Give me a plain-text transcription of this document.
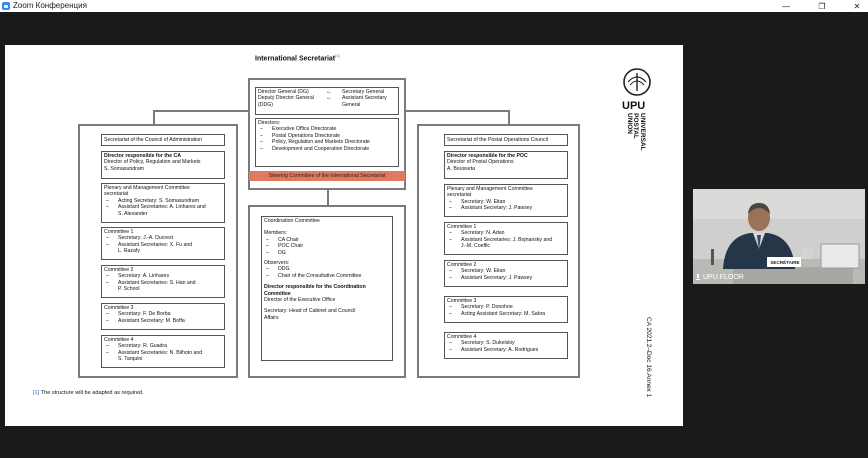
Zoom Конференция	—	❐	✕
International Secretariat[1]
Director General (DG)	↔	Secretary General
Deputy Director General	↔	Assistant Secretary
(DDG)	General
Directors:
–	Executive Office Directorate
–	Postal Operations Directorate
–	Policy, Regulation and Markets Directorate
–	Development and Cooperation Directorate
Steering Committee of the International Secretariat
Secretariat of the Council of Administration
Director responsible for the CA
Director of Policy, Regulation and Markets
S. Somasundram
Plenary and Management Committee
secretariat
–	Acting Secretary: S. Somasundram
–	Assistant Secretaries: A. Linhares and
S. Alexander
Committee 1
–	Secretary: J.-A. Ducrest
–	Assistant Secretaries: X. Fu and
L. Razafy
Committee 2
–	Secretary: A. Linhares
–	Assistant Secretaries: S. Han and
P. School
Committee 3
–	Secretary: F. De Borba
–	Assistant Secretary: M. Boffa
Committee 4
–	Secretary: R. Guadra
–	Assistant Secretaries: N. Bilhoto and
S. Tarquini
Coordination Committee
Members:
–	CA Chair
–	POC Chair
–	DG
Observers:
–	DDG
–	Chair of the Consultative Committee
Director responsible for the Coordination
Committee
Director of the Executive Office
Secretary: Head of Cabinet and Council
Affairs
Secretariat of the Postal Operations Council
Director responsible for the POC
Director of Postal Operations
A. Bousseta
Plenary and Management Committee
secretariat
–	Secretary: W. Eitan
–	Assistant Secretary: J. Pawsey
Committee 1
–	Secretary: N. Adan
–	Assistant Secretaries: J. Bojnansky and
J.-M. Coeffic
Committee 2
–	Secretary: W. Eitan
–	Assistant Secretary: J. Pawsey
Committee 3
–	Secretary: P. Donohoe
–	Acting Assistant Secretary: M. Sabra
Committee 4
–	Secretary: S. Dukelskiy
–	Assistant Secretary: A. Rodrigues
[1] The structure will be adapted as required.
UPU
UNIVERSAL
POSTAL
UNION
CA 2021.2–Doc 16.Annex 1
SECRÉTAIRE
UPU FLOOR
